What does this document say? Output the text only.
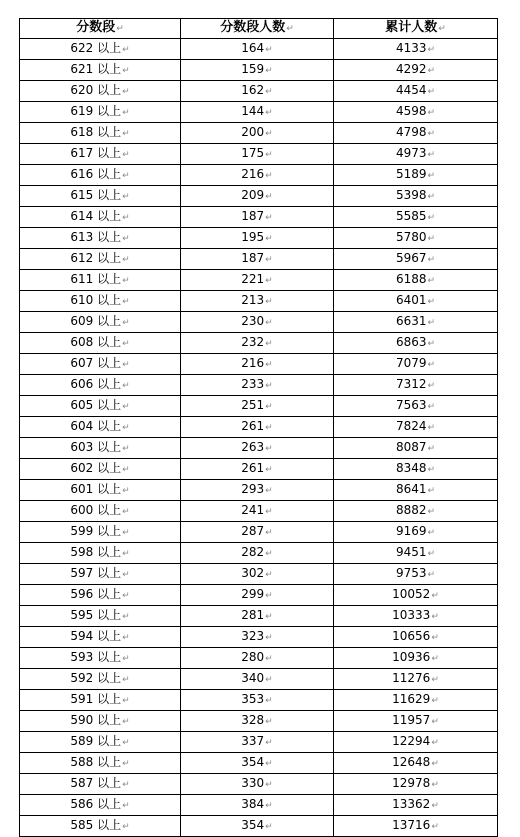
分数段↵	分数段人数↵	累计人数↵
622 以上↵	164↵	4133↵
621 以上↵	159↵	4292↵
620 以上↵	162↵	4454↵
619 以上↵	144↵	4598↵
618 以上↵	200↵	4798↵
617 以上↵	175↵	4973↵
616 以上↵	216↵	5189↵
615 以上↵	209↵	5398↵
614 以上↵	187↵	5585↵
613 以上↵	195↵	5780↵
612 以上↵	187↵	5967↵
611 以上↵	221↵	6188↵
610 以上↵	213↵	6401↵
609 以上↵	230↵	6631↵
608 以上↵	232↵	6863↵
607 以上↵	216↵	7079↵
606 以上↵	233↵	7312↵
605 以上↵	251↵	7563↵
604 以上↵	261↵	7824↵
603 以上↵	263↵	8087↵
602 以上↵	261↵	8348↵
601 以上↵	293↵	8641↵
600 以上↵	241↵	8882↵
599 以上↵	287↵	9169↵
598 以上↵	282↵	9451↵
597 以上↵	302↵	9753↵
596 以上↵	299↵	10052↵
595 以上↵	281↵	10333↵
594 以上↵	323↵	10656↵
593 以上↵	280↵	10936↵
592 以上↵	340↵	11276↵
591 以上↵	353↵	11629↵
590 以上↵	328↵	11957↵
589 以上↵	337↵	12294↵
588 以上↵	354↵	12648↵
587 以上↵	330↵	12978↵
586 以上↵	384↵	13362↵
585 以上↵	354↵	13716↵
